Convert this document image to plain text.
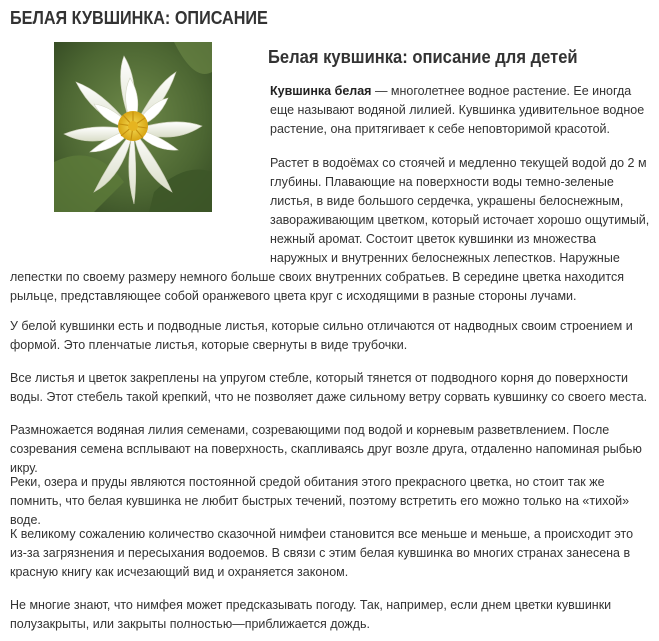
БЕЛАЯ КУВШИНКА: ОПИСАНИЕ
Белая кувшинка: описание для детей

Кувшинка белая — многолетнее водное растение. Ее иногда еще называют водяной лилией. Кувшинка удивительное водное растение, она притягивает к себе неповторимой красотой.

Растет в водоёмах со стоячей и медленно текущей водой до 2 м глубины. Плавающие на поверхности воды темно-зеленые листья, в виде большого сердечка, украшены белоснежным, завораживающим цветком, который источает хорошо ощутимый, нежный аромат. Состоит цветок кувшинки из множества наружных и внутренних белоснежных лепестков. Наружные лепестки по своему размеру немного больше своих внутренних собратьев. В середине цветка находится рыльце, представляющее собой оранжевого цвета круг с исходящими в разные стороны лучами.

У белой кувшинки есть и подводные листья, которые сильно отличаются от надводных своим строением и формой. Это пленчатые листья, которые свернуты в виде трубочки.

Все листья и цветок закреплены на упругом стебле, который тянется от подводного корня до поверхности воды. Этот стебель такой крепкий, что не позволяет даже сильному ветру сорвать кувшинку со своего места.

Размножается водяная лилия семенами, созревающими под водой и корневым разветвлением. После созревания семена всплывают на поверхность, скапливаясь друг возле друга, отдаленно напоминая рыбью икру.

Реки, озера и пруды являются постоянной средой обитания этого прекрасного цветка, но стоит так же помнить, что белая кувшинка не любит быстрых течений, поэтому встретить его можно только на «тихой» воде.

К великому сожалению количество сказочной нимфеи становится все меньше и меньше, а происходит это из-за загрязнения и пересыхания водоемов. В связи с этим белая кувшинка во многих странах занесена в красную книгу как исчезающий вид и охраняется законом.

Не многие знают, что нимфея может предсказывать погоду. Так, например, если днем цветки кувшинки полузакрыты, или закрыты полностью—приближается дождь.
